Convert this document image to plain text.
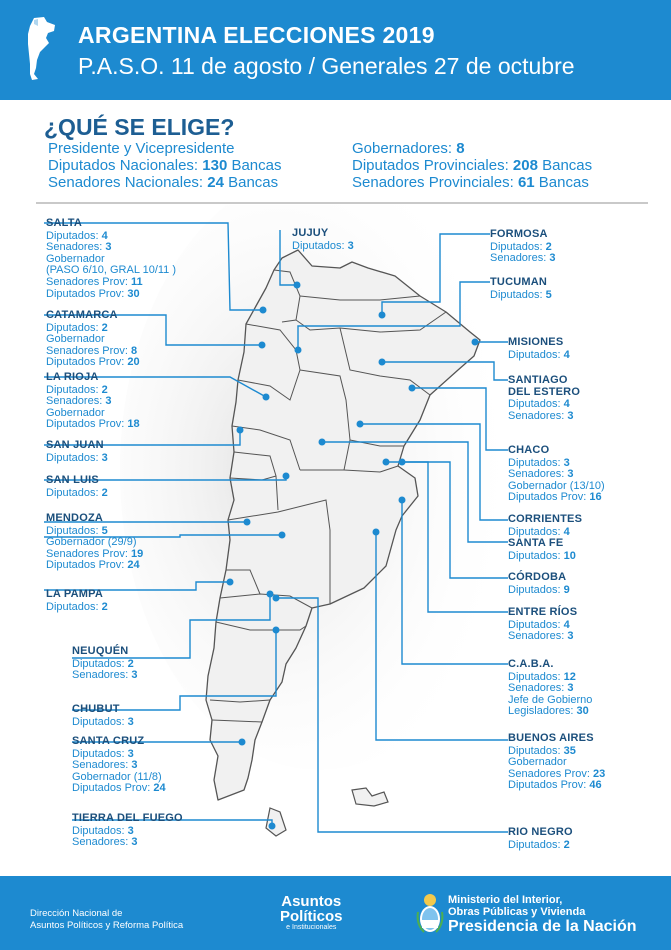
ARGENTINA ELECCIONES 2019
P.A.S.O. 11 de agosto / Generales 27 de octubre
¿QUÉ SE ELIGE?
Presidente y Vicepresidente
Diputados Nacionales: 130 Bancas
Senadores Nacionales: 24 Bancas
Gobernadores: 8
Diputados Provinciales: 208 Bancas
Senadores Provinciales: 61 Bancas
SALTA
Diputados: 4
Senadores: 3
Gobernador
(PASO 6/10, GRAL 10/11 )
Senadores Prov: 11
Diputados Prov: 30
JUJUY
Diputados: 3
FORMOSA
Diputados: 2
Senadores: 3
TUCUMAN
Diputados: 5
CATAMARCA
Diputados: 2
Gobernador
Senadores Prov: 8
Diputados Prov: 20
MISIONES
Diputados: 4
SANTIAGO
DEL ESTERO
Diputados: 4
Senadores: 3
LA RIOJA
Diputados: 2
Senadores: 3
Gobernador
Diputados Prov: 18
CHACO
Diputados: 3
Senadores: 3
Gobernador (13/10)
Diputados Prov: 16
SAN JUAN
Diputados: 3
SAN LUIS
Diputados: 2
CORRIENTES
Diputados: 4
MENDOZA
Diputados: 5
Gobernador (29/9)
Senadores Prov: 19
Diputados Prov: 24
SANTA FE
Diputados: 10
CÓRDOBA
Diputados: 9
LA PAMPA
Diputados: 2	ENTRE RÍOS
Diputados: 4
Senadores: 3
NEUQUÉN
Diputados: 2
Senadores: 3
C.A.B.A.
Diputados: 12
Senadores: 3
Jefe de Gobierno
Legisladores: 30
CHUBUT
Diputados: 3
BUENOS AIRES
Diputados: 35
Gobernador
Senadores Prov: 23
Diputados Prov: 46
SANTA CRUZ
Diputados: 3
Senadores: 3
Gobernador (11/8)
Diputados Prov: 24
TIERRA DEL FUEGO
Diputados: 3
Senadores: 3
RIO NEGRO
Diputados: 2
Dirección Nacional de
Asuntos Políticos y Reforma Política
Asuntos
Políticos
e Institucionales
Ministerio del Interior,
Obras Públicas y Vivienda
Presidencia de la Nación
